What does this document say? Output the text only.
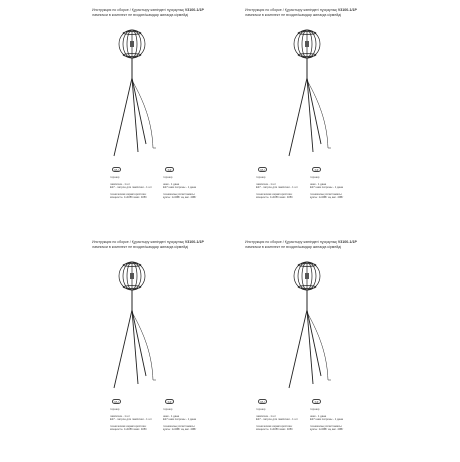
Инструкция по сборке / Құрастыру жөніндегі нұсқаулық V3100-1/1P
лампочки в комплект не входят/шамдар жинаққа кірмейді
RU	KZ
торшер
лампочка - 1 шт
Е27 - патрон для лампочки - 1 шт
техническая характеристика:
мощность: 1х40Вт макс. 40Вт
торшер
шам - 1 дана
Е27 шам патроны - 1 дана
техникалық сипаттамасы:
қуаты: 1х40Вт ең көп. 40Вт
Инструкция по сборке / Құрастыру жөніндегі нұсқаулық V3100-1/1P
лампочки в комплект не входят/шамдар жинаққа кірмейді
RU	KZ
торшер
лампочка - 1 шт
Е27 - патрон для лампочки - 1 шт
техническая характеристика:
мощность: 1х40Вт макс. 40Вт
торшер
шам - 1 дана
Е27 шам патроны - 1 дана
техникалық сипаттамасы:
қуаты: 1х40Вт ең көп. 40Вт
Инструкция по сборке / Құрастыру жөніндегі нұсқаулық V3100-1/1P
лампочки в комплект не входят/шамдар жинаққа кірмейді
RU	KZ
торшер
лампочка - 1 шт
Е27 - патрон для лампочки - 1 шт
техническая характеристика:
мощность: 1х40Вт макс. 40Вт
торшер
шам - 1 дана
Е27 шам патроны - 1 дана
техникалық сипаттамасы:
қуаты: 1х40Вт ең көп. 40Вт
Инструкция по сборке / Құрастыру жөніндегі нұсқаулық V3100-1/1P
лампочки в комплект не входят/шамдар жинаққа кірмейді
RU	KZ
торшер
лампочка - 1 шт
Е27 - патрон для лампочки - 1 шт
техническая характеристика:
мощность: 1х40Вт макс. 40Вт
торшер
шам - 1 дана
Е27 шам патроны - 1 дана
техникалық сипаттамасы:
қуаты: 1х40Вт ең көп. 40Вт
